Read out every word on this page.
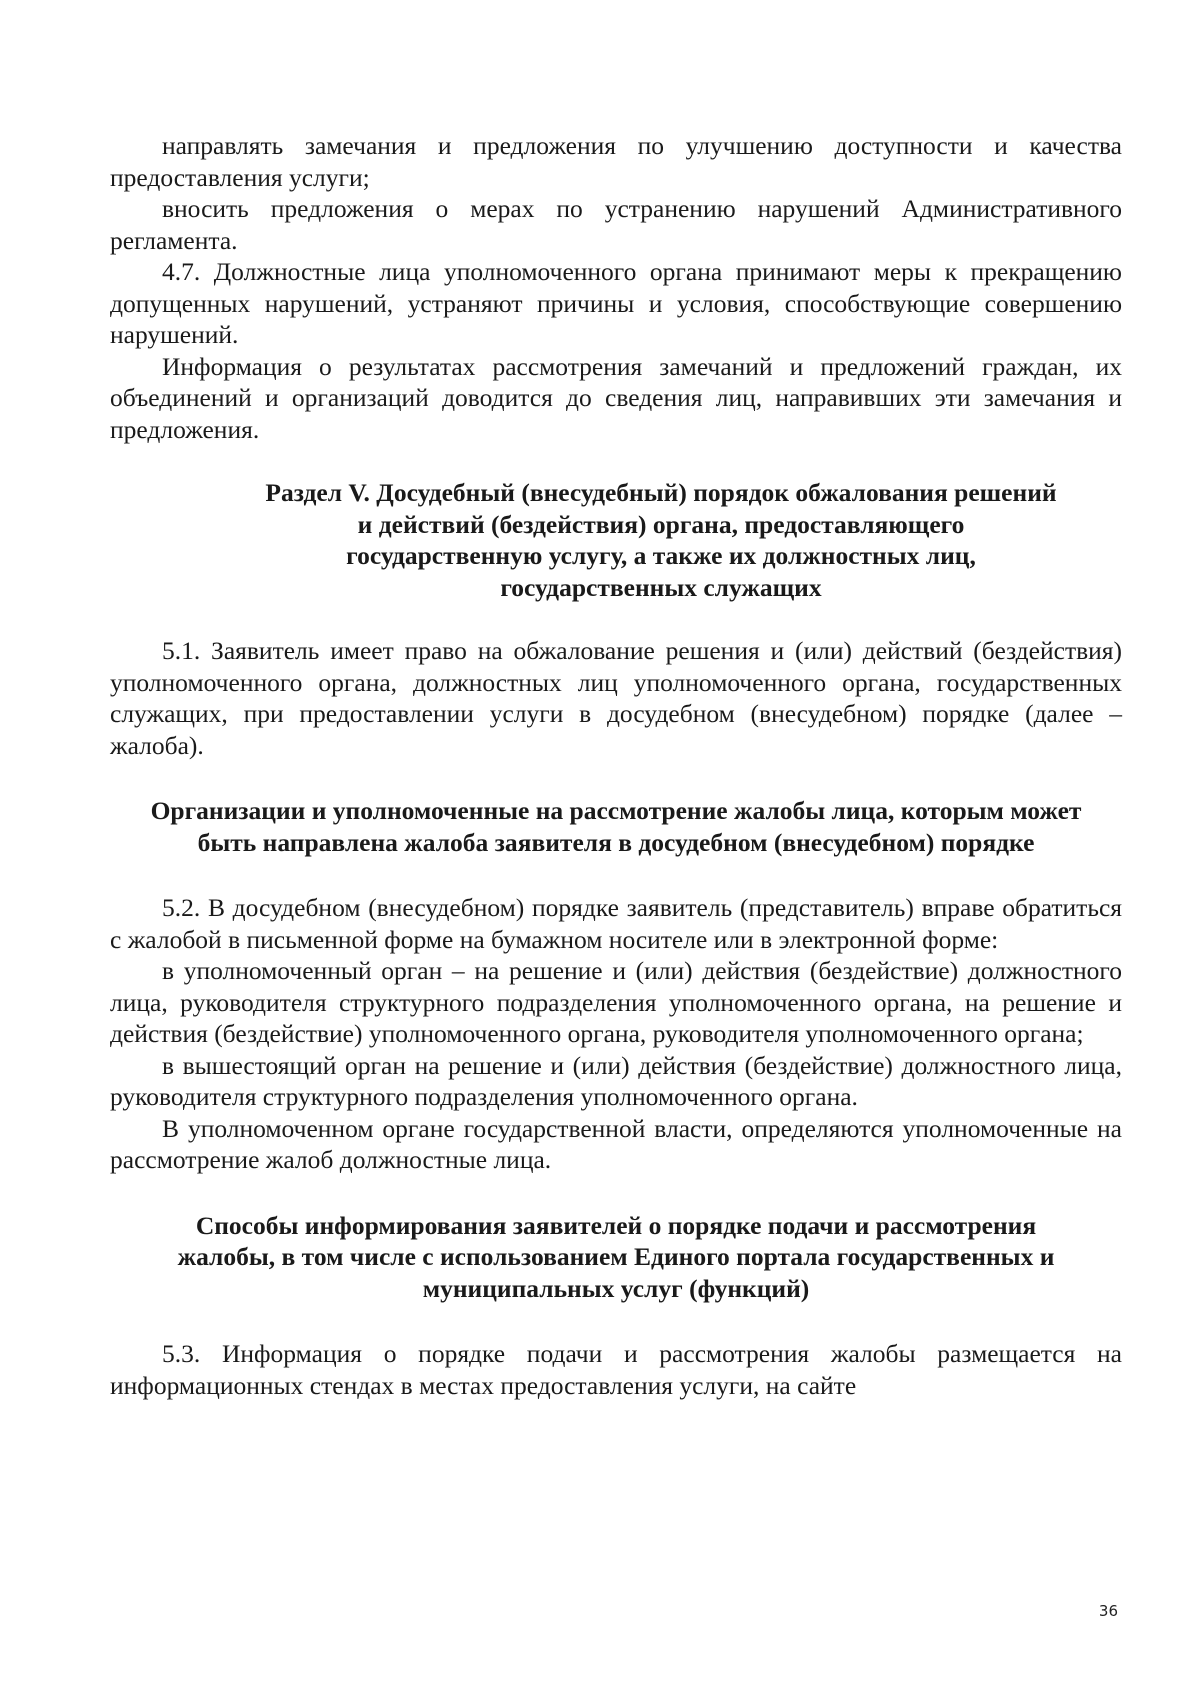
направлять замечания и предложения по улучшению доступности и качества предоставления услуги;

вносить предложения о мерах по устранению нарушений Административного регламента.

4.7. Должностные лица уполномоченного органа принимают меры к прекращению допущенных нарушений, устраняют причины и условия, способствующие совершению нарушений.

Информация о результатах рассмотрения замечаний и предложений граждан, их объединений и организаций доводится до сведения лиц, направивших эти замечания и предложения.

Раздел V. Досудебный (внесудебный) порядок обжалования решений и действий (бездействия) органа, предоставляющего государственную услугу, а также их должностных лиц, государственных служащих

5.1. Заявитель имеет право на обжалование решения и (или) действий (бездействия) уполномоченного органа, должностных лиц уполномоченного органа, государственных служащих, при предоставлении услуги в досудебном (внесудебном) порядке (далее – жалоба).

Организации и уполномоченные на рассмотрение жалобы лица, которым может быть направлена жалоба заявителя в досудебном (внесудебном) порядке

5.2. В досудебном (внесудебном) порядке заявитель (представитель) вправе обратиться с жалобой в письменной форме на бумажном носителе или в электронной форме:

в уполномоченный орган – на решение и (или) действия (бездействие) должностного лица, руководителя структурного подразделения уполномоченного органа, на решение и действия (бездействие) уполномоченного органа, руководителя уполномоченного органа;

в вышестоящий орган на решение и (или) действия (бездействие) должностного лица, руководителя структурного подразделения уполномоченного органа.

В уполномоченном органе государственной власти, определяются уполномоченные на рассмотрение жалоб должностные лица.

Способы информирования заявителей о порядке подачи и рассмотрения жалобы, в том числе с использованием Единого портала государственных и муниципальных услуг (функций)

5.3. Информация о порядке подачи и рассмотрения жалобы размещается на информационных стендах в местах предоставления услуги, на сайте

36
